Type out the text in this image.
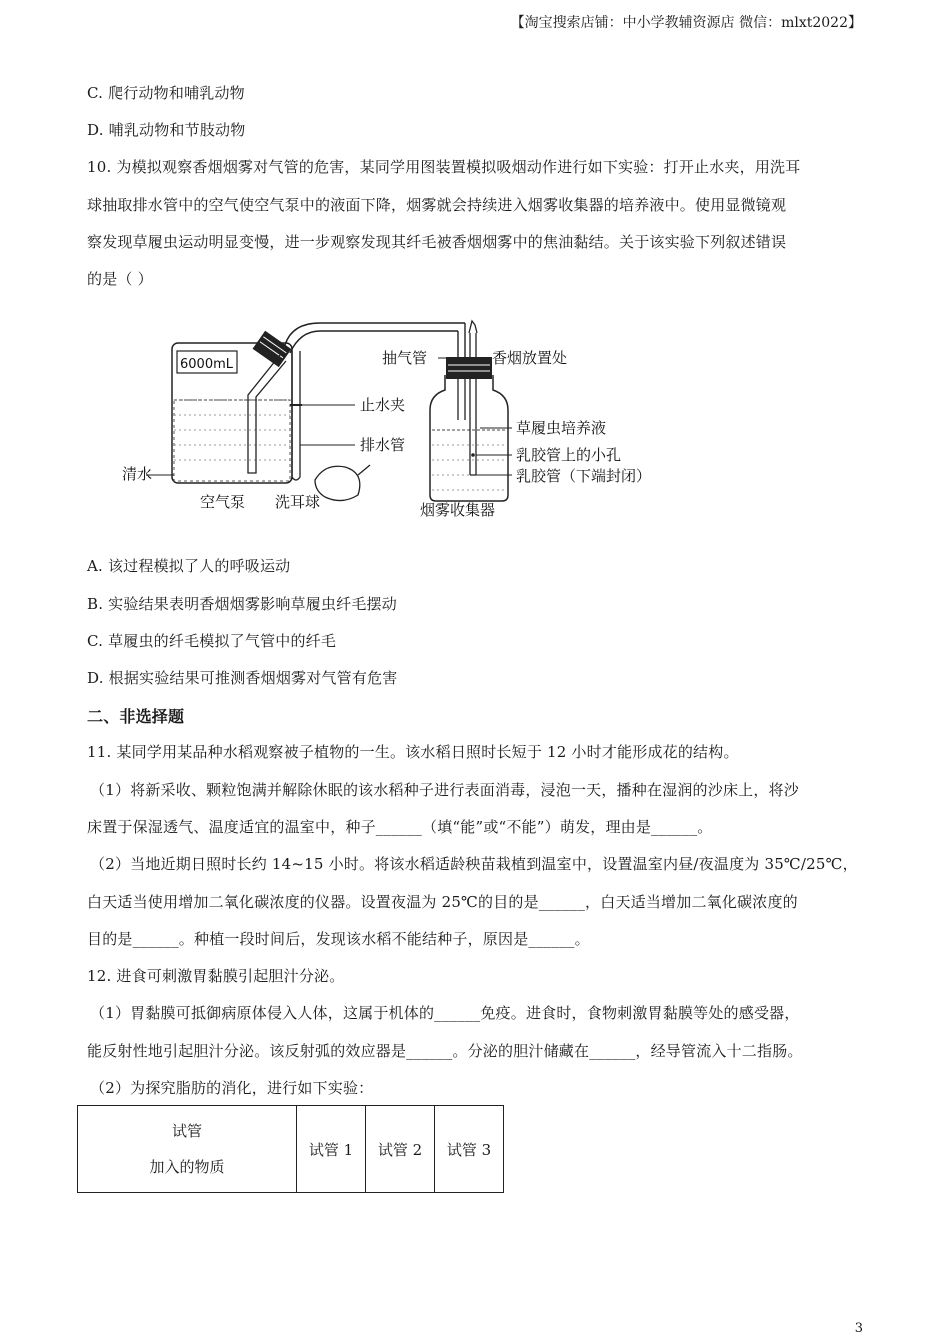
【淘宝搜索店铺：中小学教辅资源店 微信：mlxt2022】
C. 爬行动物和哺乳动物
D. 哺乳动物和节肢动物
10. 为模拟观察香烟烟雾对气管的危害，某同学用图装置模拟吸烟动作进行如下实验：打开止水夹，用洗耳
球抽取排水管中的空气使空气泵中的液面下降，烟雾就会持续进入烟雾收集器的培养液中。使用显微镜观
察发现草履虫运动明显变慢，进一步观察发现其纤毛被香烟烟雾中的焦油黏结。关于该实验下列叙述错误
的是（ ）
6000mL
止水夹
排水管
抽气管	香烟放置处
草履虫培养液
乳胶管上的小孔
乳胶管（下端封闭）
烟雾收集器
清水
空气泵 洗耳球
A. 该过程模拟了人的呼吸运动
B. 实验结果表明香烟烟雾影响草履虫纤毛摆动
C. 草履虫的纤毛模拟了气管中的纤毛
D. 根据实验结果可推测香烟烟雾对气管有危害
二、非选择题
11. 某同学用某品种水稻观察被子植物的一生。该水稻日照时长短于 12 小时才能形成花的结构。
（1）将新采收、颗粒饱满并解除休眠的该水稻种子进行表面消毒，浸泡一天，播种在湿润的沙床上，将沙
床置于保湿透气、温度适宜的温室中，种子______（填“能”或“不能”）萌发，理由是______。
（2）当地近期日照时长约 14~15 小时。将该水稻适龄秧苗栽植到温室中，设置温室内昼/夜温度为 35℃/25℃，
白天适当使用增加二氧化碳浓度的仪器。设置夜温为 25℃的目的是______，白天适当增加二氧化碳浓度的
目的是______。种植一段时间后，发现该水稻不能结种子，原因是______。
12. 进食可刺激胃黏膜引起胆汁分泌。
（1）胃黏膜可抵御病原体侵入人体，这属于机体的______免疫。进食时，食物刺激胃黏膜等处的感受器，
能反射性地引起胆汁分泌。该反射弧的效应器是______。分泌的胆汁储藏在______，经导管流入十二指肠。
（2）为探究脂肪的消化，进行如下实验：
试管
加入的物质
	试管 1	试管 2	试管 3
3
